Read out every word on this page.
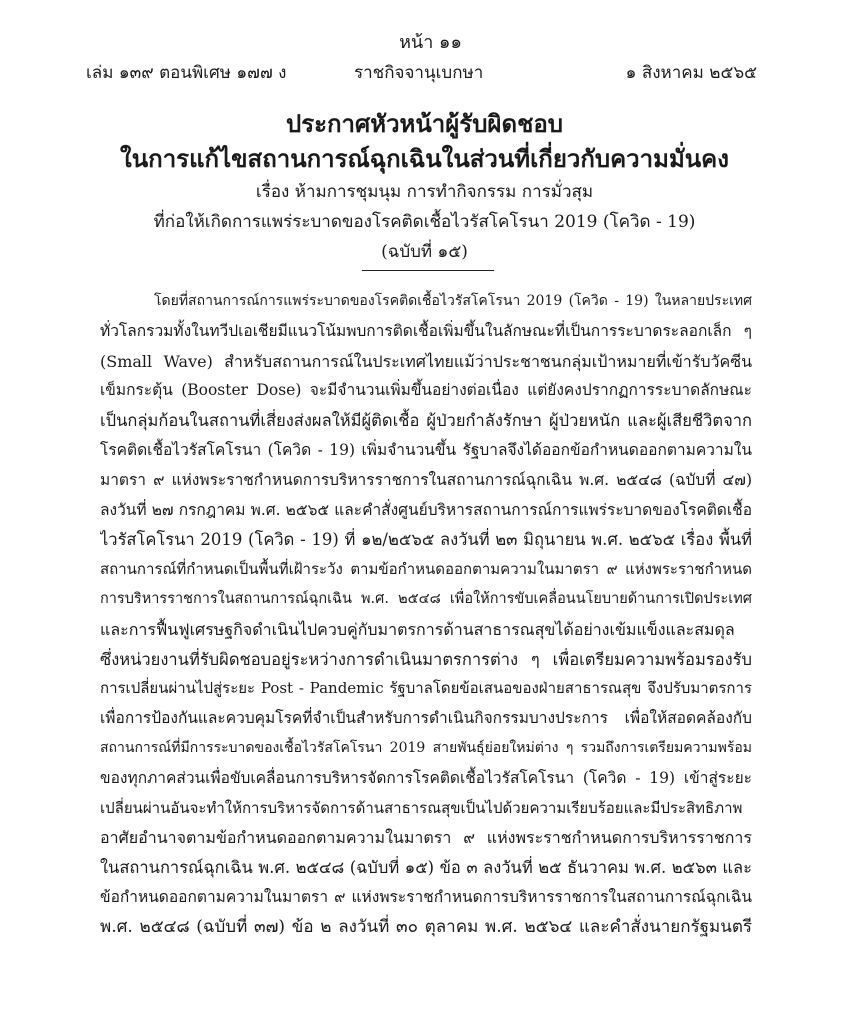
หน้า ๑๑
เล่ม ๑๓๙ ตอนพิเศษ ๑๗๗ ง	ราชกิจจานุเบกษา	๑ สิงหาคม ๒๕๖๕
ประกาศหัวหน้าผู้รับผิดชอบ
ในการแก้ไขสถานการณ์ฉุกเฉินในส่วนที่เกี่ยวกับความมั่นคง
เรื่อง ห้ามการชุมนุม การทำกิจกรรม การมั่วสุม
ที่ก่อให้เกิดการแพร่ระบาดของโรคติดเชื้อไวรัสโคโรนา 2019 (โควิด - 19)
(ฉบับที่ ๑๕)
โดยที่สถานการณ์การแพร่ระบาดของโรคติดเชื้อไวรัสโคโรนา 2019 (โควิด - 19) ในหลายประเทศ
ทั่วโลกรวมทั้งในทวีปเอเชียมีแนวโน้มพบการติดเชื้อเพิ่มขึ้นในลักษณะที่เป็นการระบาดระลอกเล็ก ๆ
(Small Wave) สำหรับสถานการณ์ในประเทศไทยแม้ว่าประชาชนกลุ่มเป้าหมายที่เข้ารับวัคซีน
เข็มกระตุ้น (Booster Dose) จะมีจำนวนเพิ่มขึ้นอย่างต่อเนื่อง แต่ยังคงปรากฏการระบาดลักษณะ
เป็นกลุ่มก้อนในสถานที่เสี่ยงส่งผลให้มีผู้ติดเชื้อ ผู้ป่วยกำลังรักษา ผู้ป่วยหนัก และผู้เสียชีวิตจาก
โรคติดเชื้อไวรัสโคโรนา (โควิด - 19) เพิ่มจำนวนขึ้น รัฐบาลจึงได้ออกข้อกำหนดออกตามความใน
มาตรา ๙ แห่งพระราชกำหนดการบริหารราชการในสถานการณ์ฉุกเฉิน พ.ศ. ๒๕๔๘ (ฉบับที่ ๔๗)
ลงวันที่ ๒๗ กรกฎาคม พ.ศ. ๒๕๖๕ และคำสั่งศูนย์บริหารสถานการณ์การแพร่ระบาดของโรคติดเชื้อ
ไวรัสโคโรนา 2019 (โควิด - 19) ที่ ๑๒/๒๕๖๕ ลงวันที่ ๒๓ มิถุนายน พ.ศ. ๒๕๖๕ เรื่อง พื้นที่
สถานการณ์ที่กำหนดเป็นพื้นที่เฝ้าระวัง ตามข้อกำหนดออกตามความในมาตรา ๙ แห่งพระราชกำหนด
การบริหารราชการในสถานการณ์ฉุกเฉิน พ.ศ. ๒๕๔๘ เพื่อให้การขับเคลื่อนนโยบายด้านการเปิดประเทศ
และการฟื้นฟูเศรษฐกิจดำเนินไปควบคู่กับมาตรการด้านสาธารณสุขได้อย่างเข้มแข็งและสมดุล
ซึ่งหน่วยงานที่รับผิดชอบอยู่ระหว่างการดำเนินมาตรการต่าง ๆ เพื่อเตรียมความพร้อมรองรับ
การเปลี่ยนผ่านไปสู่ระยะ Post - Pandemic รัฐบาลโดยข้อเสนอของฝ่ายสาธารณสุข จึงปรับมาตรการ
เพื่อการป้องกันและควบคุมโรคที่จำเป็นสำหรับการดำเนินกิจกรรมบางประการ เพื่อให้สอดคล้องกับ
สถานการณ์ที่มีการระบาดของเชื้อไวรัสโคโรนา 2019 สายพันธุ์ย่อยใหม่ต่าง ๆ รวมถึงการเตรียมความพร้อม
ของทุกภาคส่วนเพื่อขับเคลื่อนการบริหารจัดการโรคติดเชื้อไวรัสโคโรนา (โควิด - 19) เข้าสู่ระยะ
เปลี่ยนผ่านอันจะทำให้การบริหารจัดการด้านสาธารณสุขเป็นไปด้วยความเรียบร้อยและมีประสิทธิภาพ
อาศัยอำนาจตามข้อกำหนดออกตามความในมาตรา ๙ แห่งพระราชกำหนดการบริหารราชการ
ในสถานการณ์ฉุกเฉิน พ.ศ. ๒๕๔๘ (ฉบับที่ ๑๕) ข้อ ๓ ลงวันที่ ๒๕ ธันวาคม พ.ศ. ๒๕๖๓ และ
ข้อกำหนดออกตามความในมาตรา ๙ แห่งพระราชกำหนดการบริหารราชการในสถานการณ์ฉุกเฉิน
พ.ศ. ๒๕๔๘ (ฉบับที่ ๓๗) ข้อ ๒ ลงวันที่ ๓๐ ตุลาคม พ.ศ. ๒๕๖๔ และคำสั่งนายกรัฐมนตรี
